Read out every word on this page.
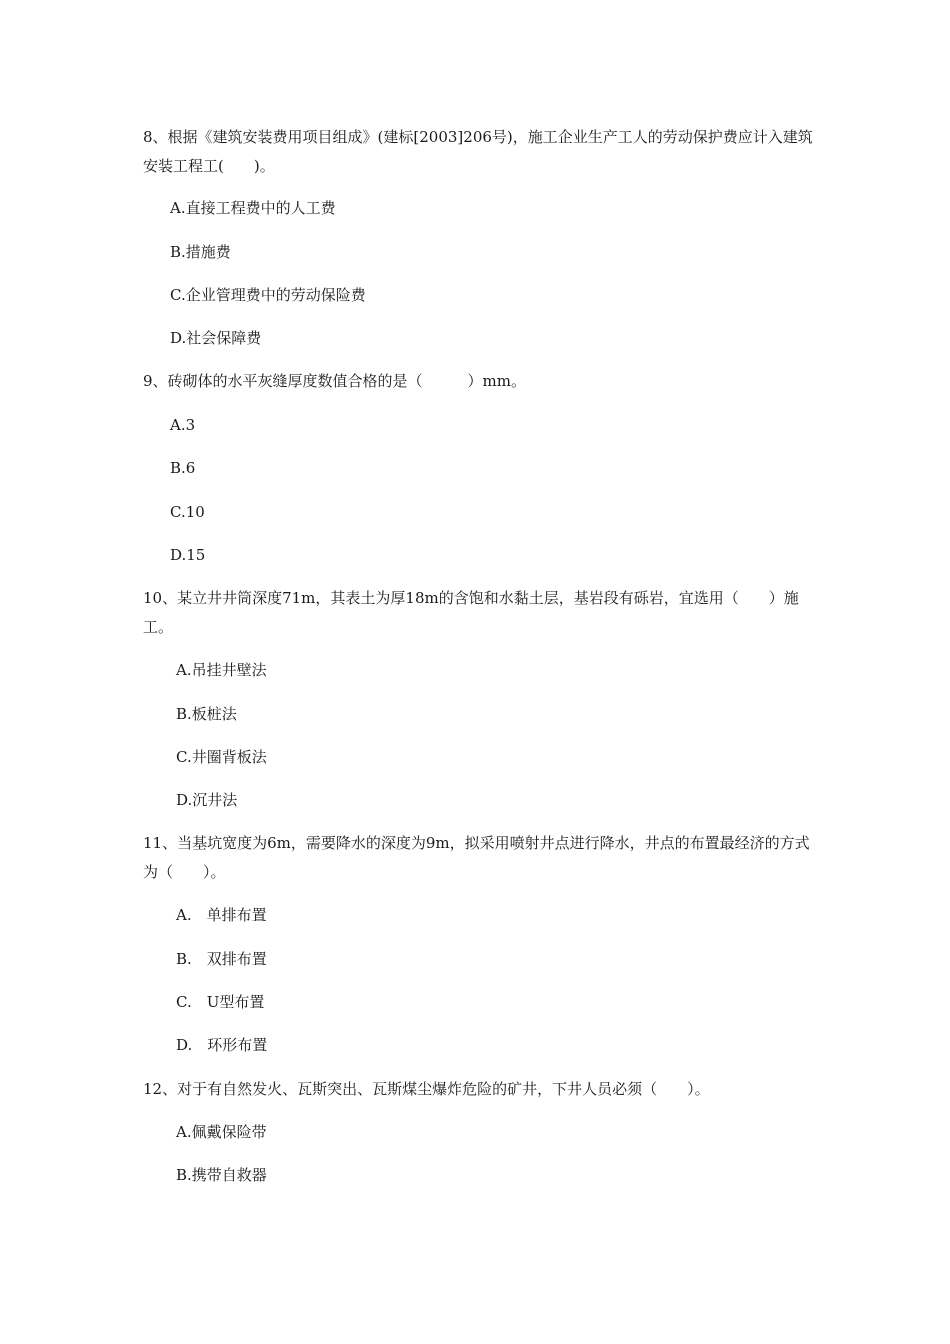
8、根据《建筑安装费用项目组成》(建标[2003]206号)，施工企业生产工人的劳动保护费应计入建筑安装工程工(　　)。

A.直接工程费中的人工费

B.措施费

C.企业管理费中的劳动保险费

D.社会保障费

9、砖砌体的水平灰缝厚度数值合格的是（　　　）mm。

A.3

B.6

C.10

D.15

10、某立井井筒深度71m，其表土为厚18m的含饱和水黏土层，基岩段有砾岩，宜选用（　　）施工。

A.吊挂井壁法

B.板桩法

C.井圈背板法

D.沉井法

11、当基坑宽度为6m，需要降水的深度为9m，拟采用喷射井点进行降水，井点的布置最经济的方式为（　　）。

A.　单排布置

B.　双排布置

C.　U型布置

D.　环形布置

12、对于有自然发火、瓦斯突出、瓦斯煤尘爆炸危险的矿井，下井人员必须（　　）。

A.佩戴保险带

B.携带自救器
